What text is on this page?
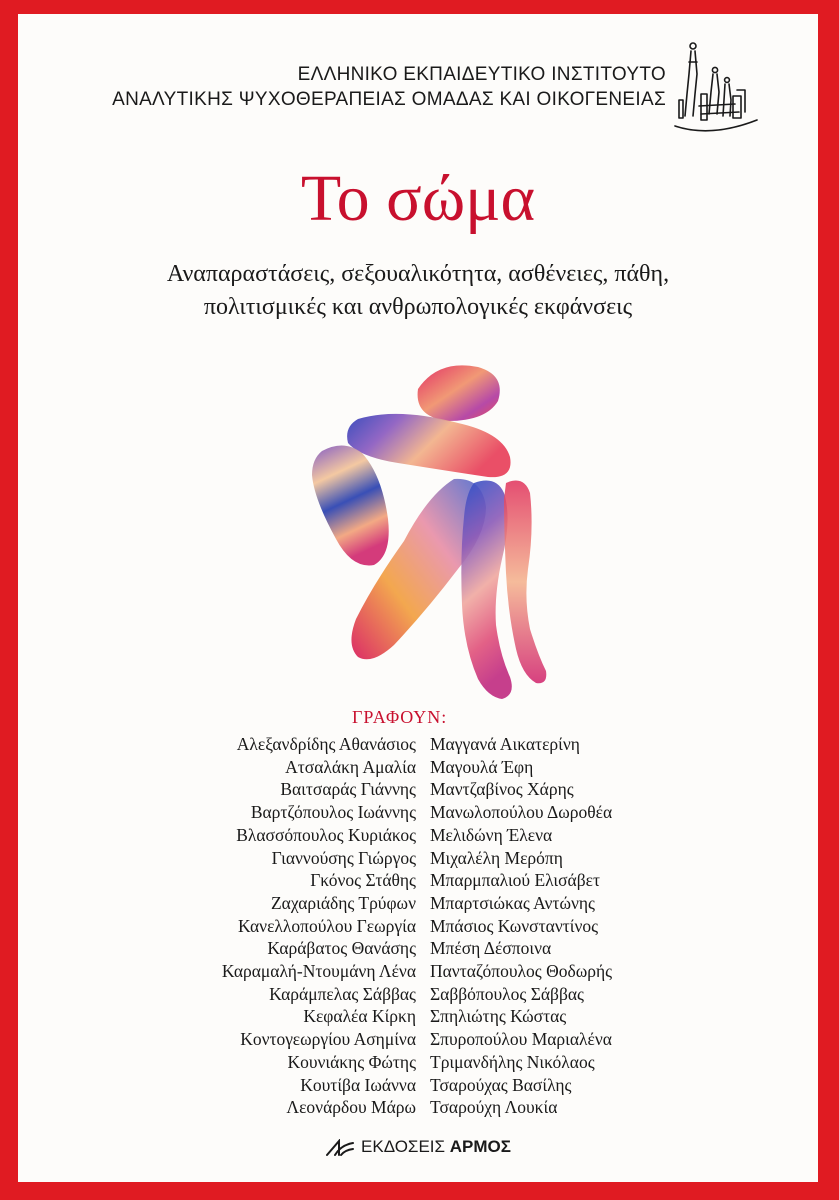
ΕΛΛΗΝΙΚΟ ΕΚΠΑΙΔΕΥΤΙΚΟ ΙΝΣΤΙΤΟΥΤΟ
ΑΝΑΛΥΤΙΚΗΣ ΨΥΧΟΘΕΡΑΠΕΙΑΣ ΟΜΑΔΑΣ ΚΑΙ ΟΙΚΟΓΕΝΕΙΑΣ
Το σώμα
Αναπαραστάσεις, σεξουαλικότητα, ασθένειες, πάθη,
πολιτισμικές και ανθρωπολογικές εκφάνσεις
ΓΡΑΦΟΥΝ:
Αλεξανδρίδης Αθανάσιος
Ατσαλάκη Αμαλία
Βαιτσαράς Γιάννης
Βαρτζόπουλος Ιωάννης
Βλασσόπουλος Κυριάκος
Γιαννούσης Γιώργος
Γκόνος Στάθης
Ζαχαριάδης Τρύφων
Κανελλοπούλου Γεωργία
Καράβατος Θανάσης
Καραμαλή-Ντουμάνη Λένα
Καράμπελας Σάββας
Κεφαλέα Κίρκη
Κοντογεωργίου Ασημίνα
Κουνιάκης Φώτης
Κουτίβα Ιωάννα
Λεονάρδου Μάρω
Μαγγανά Αικατερίνη
Μαγουλά Έφη
Μαντζαβίνος Χάρης
Μανωλοπούλου Δωροθέα
Μελιδώνη Έλενα
Μιχαλέλη Μερόπη
Μπαρμπαλιού Ελισάβετ
Μπαρτσιώκας Αντώνης
Μπάσιος Κωνσταντίνος
Μπέση Δέσποινα
Πανταζόπουλος Θοδωρής
Σαββόπουλος Σάββας
Σπηλιώτης Κώστας
Σπυροπούλου Μαριαλένα
Τριμανδήλης Νικόλαος
Τσαρούχας Βασίλης
Τσαρούχη Λουκία
ΕΚΔΟΣΕΙΣ ΑΡΜΟΣ
